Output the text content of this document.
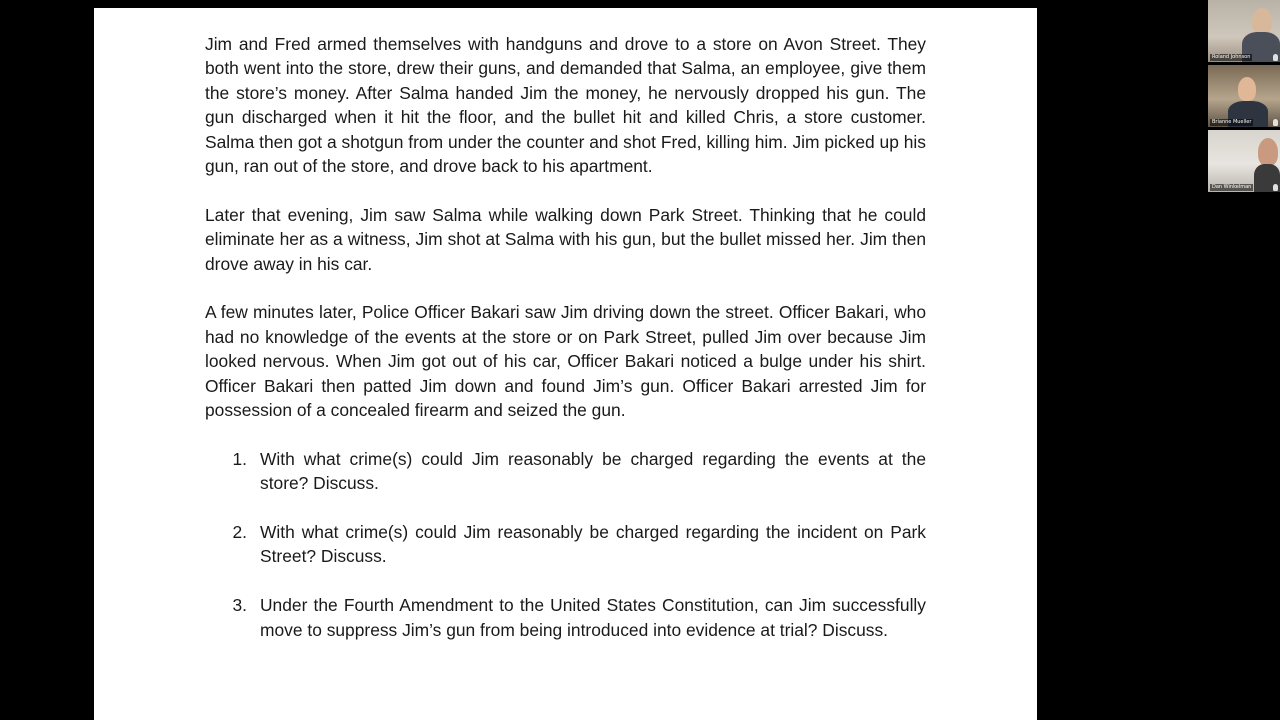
Jim and Fred armed themselves with handguns and drove to a store on Avon Street. They both went into the store, drew their guns, and demanded that Salma, an employee, give them the store’s money. After Salma handed Jim the money, he nervously dropped his gun. The gun discharged when it hit the floor, and the bullet hit and killed Chris, a store customer. Salma then got a shotgun from under the counter and shot Fred, killing him. Jim picked up his gun, ran out of the store, and drove back to his apartment.

Later that evening, Jim saw Salma while walking down Park Street. Thinking that he could eliminate her as a witness, Jim shot at Salma with his gun, but the bullet missed her. Jim then drove away in his car.

A few minutes later, Police Officer Bakari saw Jim driving down the street. Officer Bakari, who had no knowledge of the events at the store or on Park Street, pulled Jim over because Jim looked nervous. When Jim got out of his car, Officer Bakari noticed a bulge under his shirt. Officer Bakari then patted Jim down and found Jim’s gun. Officer Bakari arrested Jim for possession of a concealed firearm and seized the gun.

1. With what crime(s) could Jim reasonably be charged regarding the events at the store? Discuss.
2. With what crime(s) could Jim reasonably be charged regarding the incident on Park Street? Discuss.
3. Under the Fourth Amendment to the United States Constitution, can Jim successfully move to suppress Jim’s gun from being introduced into evidence at trial? Discuss.
Roland Johnson
Brianne Mueller
Dan Winkelman
